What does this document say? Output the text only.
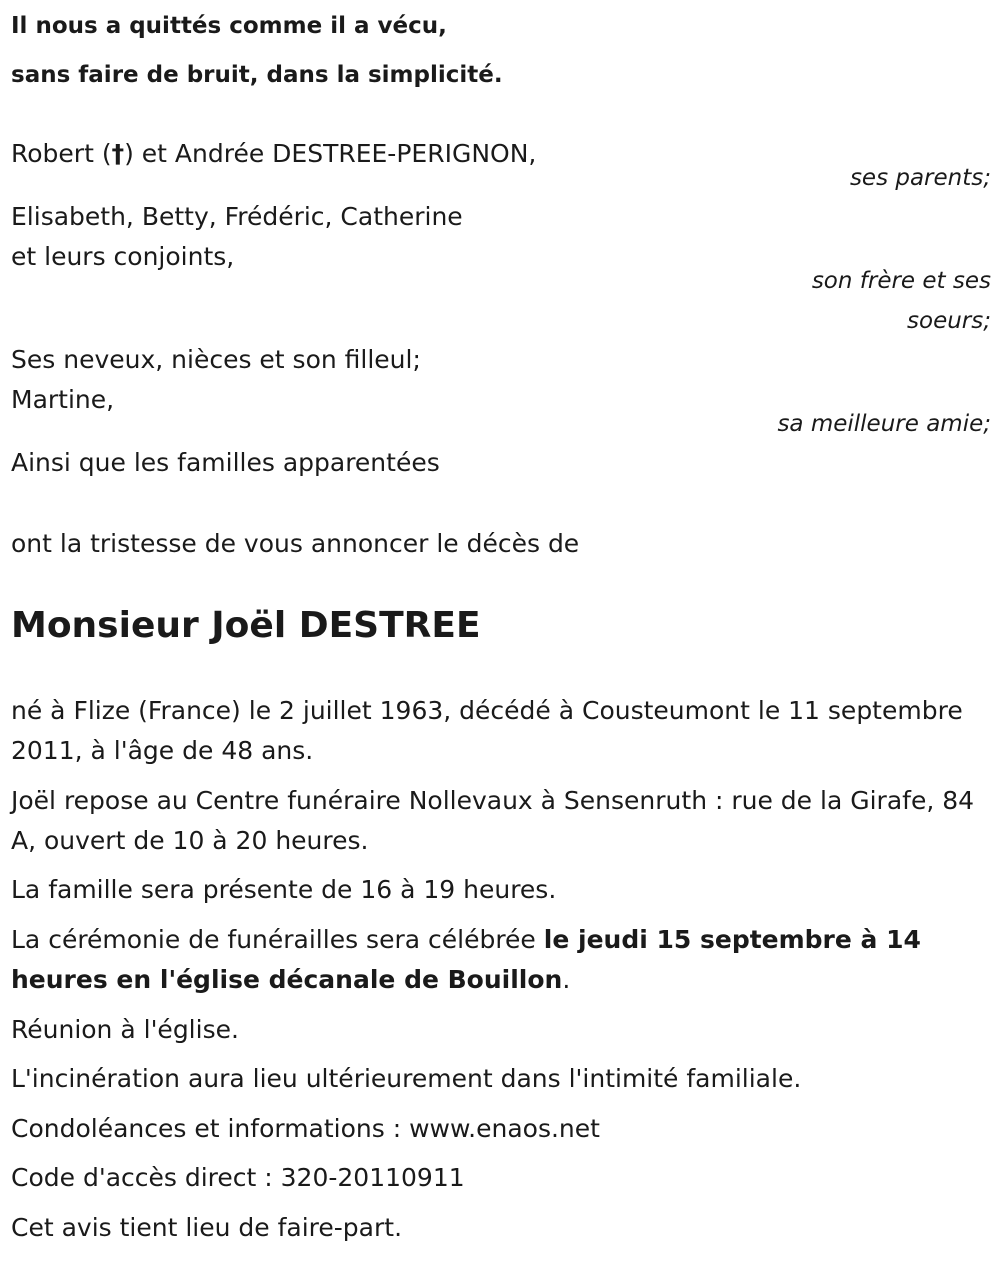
Il nous a quittés comme il a vécu,
sans faire de bruit, dans la simplicité.
Robert (†) et Andrée DESTREE-PERIGNON,
ses parents;
Elisabeth, Betty, Frédéric, Catherine
et leurs conjoints,
son frère et ses
soeurs;
Ses neveux, nièces et son filleul;
Martine,
sa meilleure amie;
Ainsi que les familles apparentées
ont la tristesse de vous annoncer le décès de
Monsieur Joël DESTREE
né à Flize (France) le 2 juillet 1963, décédé à Cousteumont le 11 septembre 2011, à l'âge de 48 ans.
Joël repose au Centre funéraire Nollevaux à Sensenruth : rue de la Girafe, 84 A, ouvert de 10 à 20 heures.
La famille sera présente de 16 à 19 heures.
La cérémonie de funérailles sera célébrée le jeudi 15 septembre à 14 heures en l'église décanale de Bouillon.
Réunion à l'église.
L'incinération aura lieu ultérieurement dans l'intimité familiale.
Condoléances et informations : www.enaos.net
Code d'accès direct : 320-20110911
Cet avis tient lieu de faire-part.
